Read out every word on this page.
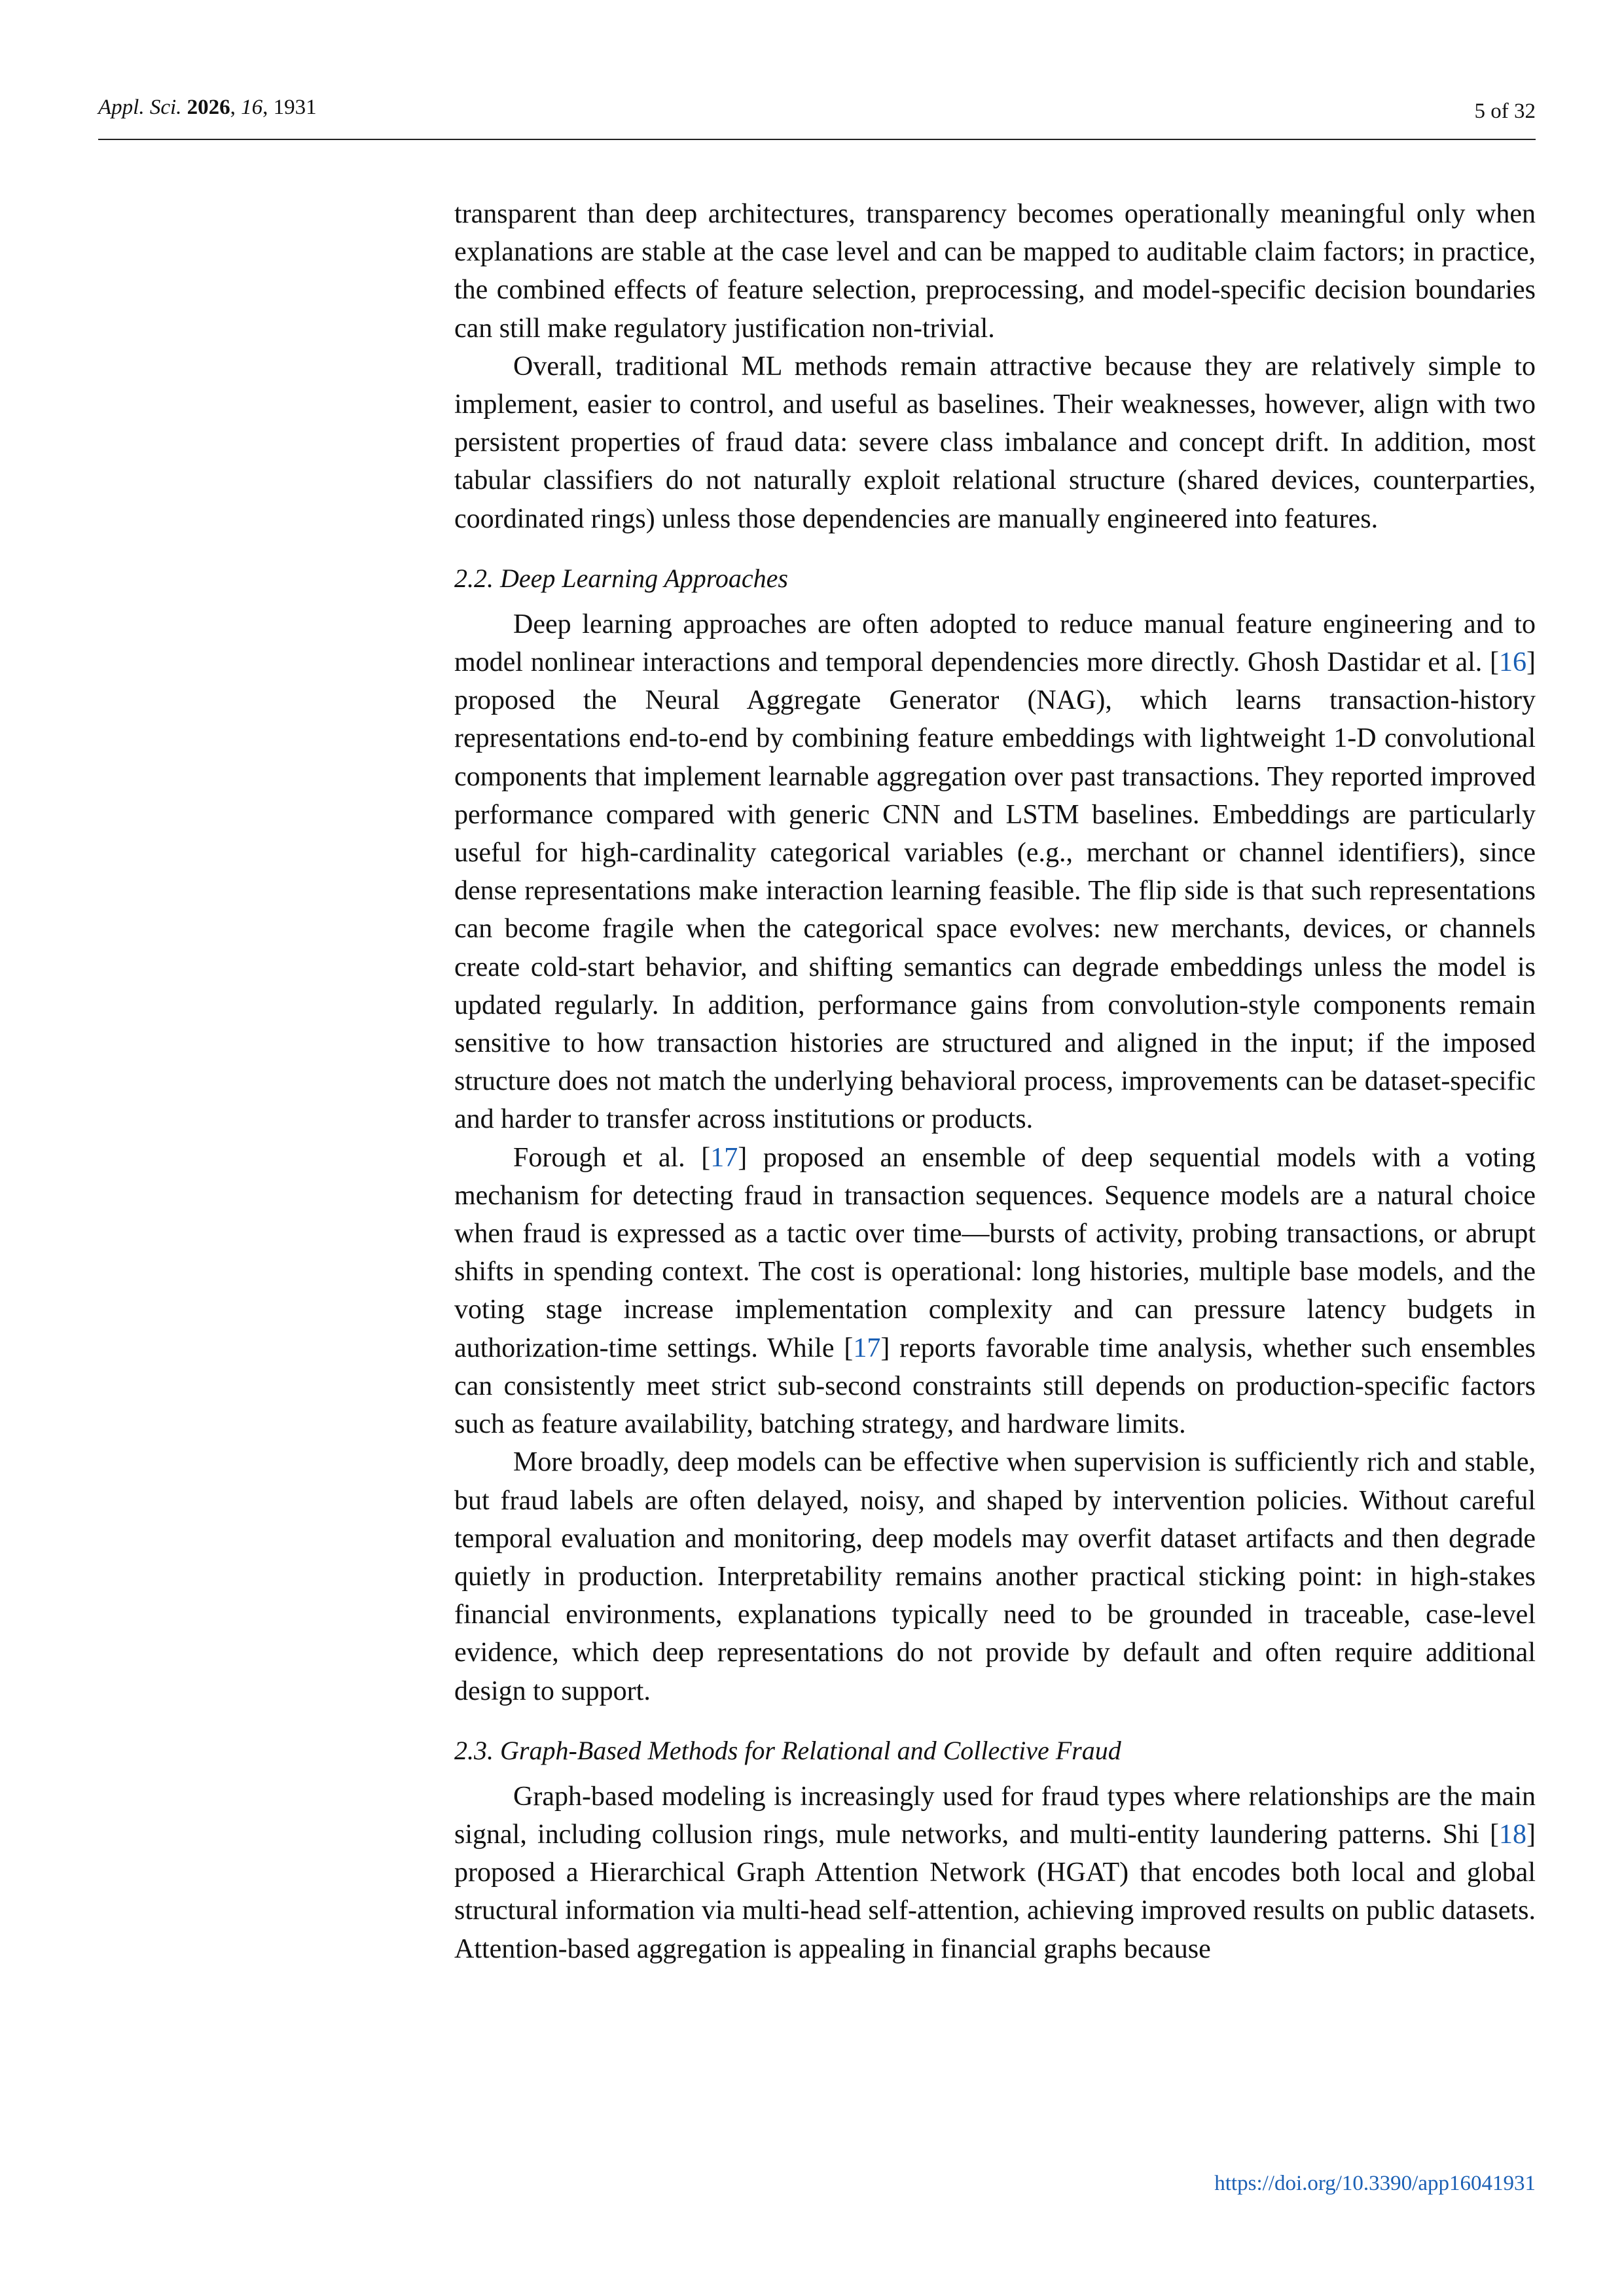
Appl. Sci. 2026, 16, 1931	5 of 32

transparent than deep architectures, transparency becomes operationally meaningful only when explanations are stable at the case level and can be mapped to auditable claim factors; in practice, the combined effects of feature selection, preprocessing, and model-specific decision boundaries can still make regulatory justification non-trivial.

Overall, traditional ML methods remain attractive because they are relatively simple to implement, easier to control, and useful as baselines. Their weaknesses, however, align with two persistent properties of fraud data: severe class imbalance and concept drift. In addition, most tabular classifiers do not naturally exploit relational structure (shared devices, counterparties, coordinated rings) unless those dependencies are manually engineered into features.

2.2. Deep Learning Approaches

Deep learning approaches are often adopted to reduce manual feature engineering and to model nonlinear interactions and temporal dependencies more directly. Ghosh Dastidar et al. [16] proposed the Neural Aggregate Generator (NAG), which learns transaction-history representations end-to-end by combining feature embeddings with lightweight 1-D convolutional components that implement learnable aggregation over past transactions. They reported improved performance compared with generic CNN and LSTM baselines. Embeddings are particularly useful for high-cardinality categorical variables (e.g., merchant or channel identifiers), since dense representations make interaction learning feasible. The flip side is that such representations can become fragile when the categorical space evolves: new merchants, devices, or channels create cold-start behavior, and shifting semantics can degrade embeddings unless the model is updated regularly. In addition, performance gains from convolution-style components remain sensitive to how transaction histories are structured and aligned in the input; if the imposed structure does not match the underlying behavioral process, improvements can be dataset-specific and harder to transfer across institutions or products.

Forough et al. [17] proposed an ensemble of deep sequential models with a voting mechanism for detecting fraud in transaction sequences. Sequence models are a natural choice when fraud is expressed as a tactic over time—bursts of activity, probing transactions, or abrupt shifts in spending context. The cost is operational: long histories, multiple base models, and the voting stage increase implementation complexity and can pressure latency budgets in authorization-time settings. While [17] reports favorable time analysis, whether such ensembles can consistently meet strict sub-second constraints still depends on production-specific factors such as feature availability, batching strategy, and hardware limits.

More broadly, deep models can be effective when supervision is sufficiently rich and stable, but fraud labels are often delayed, noisy, and shaped by intervention policies. Without careful temporal evaluation and monitoring, deep models may overfit dataset artifacts and then degrade quietly in production. Interpretability remains another practical sticking point: in high-stakes financial environments, explanations typically need to be grounded in traceable, case-level evidence, which deep representations do not provide by default and often require additional design to support.

2.3. Graph-Based Methods for Relational and Collective Fraud

Graph-based modeling is increasingly used for fraud types where relationships are the main signal, including collusion rings, mule networks, and multi-entity laundering patterns. Shi [18] proposed a Hierarchical Graph Attention Network (HGAT) that encodes both local and global structural information via multi-head self-attention, achieving improved results on public datasets. Attention-based aggregation is appealing in financial graphs because

https://doi.org/10.3390/app16041931
